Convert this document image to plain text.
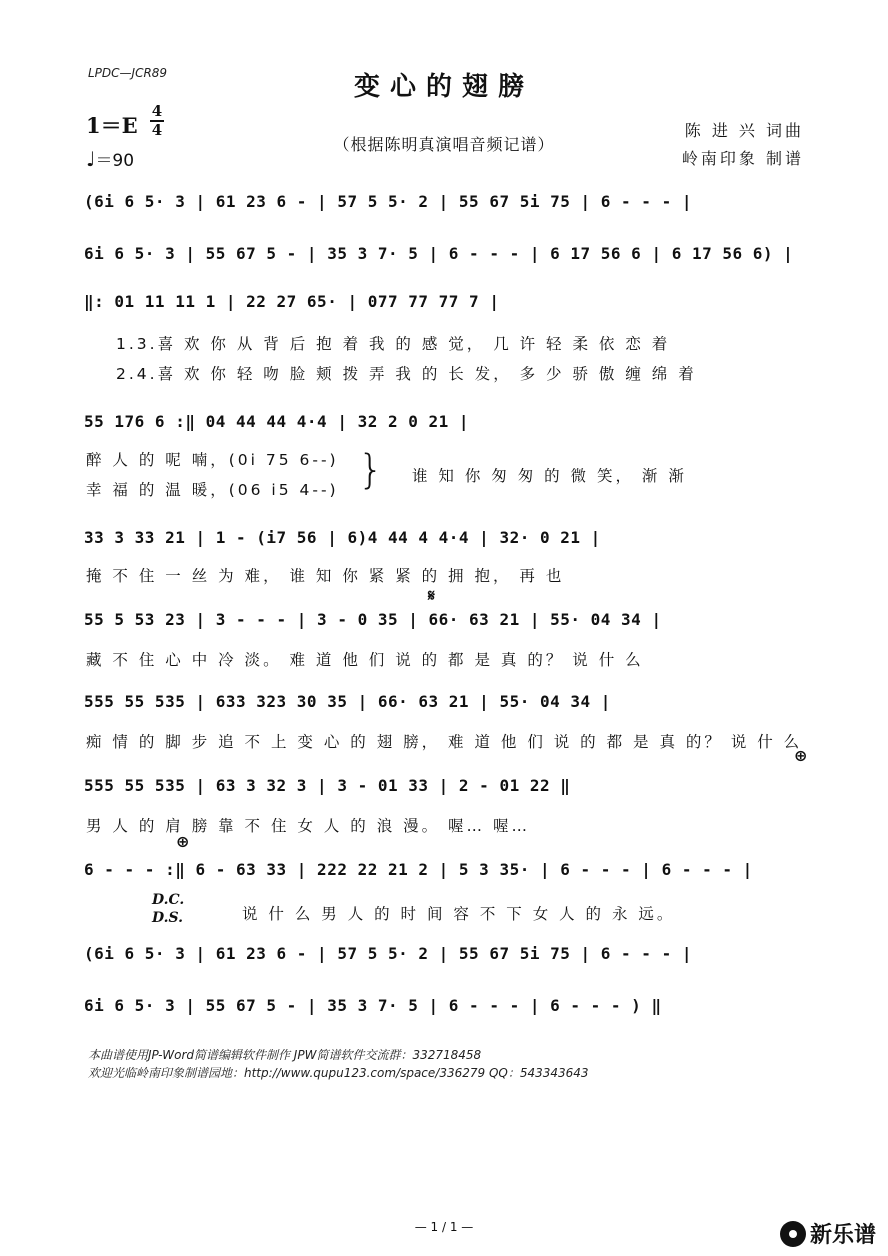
LPDC—JCR89	变心的翅膀
1＝E
4
4
♩＝90
（根据陈明真演唱音频记谱）
陈 进 兴 词曲
岭南印象 制谱
(6i 6 5· 3 | 61 23 6 - | 57 5 5· 2 | 55 67 5i 75 | 6 - - - |
6i 6 5· 3 | 55 67 5 - | 35 3 7· 5 | 6 - - - | 6 17 56 6 | 6 17 56 6) |
‖: 01 11 11 1 | 22 27 65· | 077 77 77 7 |
1.3.喜 欢 你 从 背 后 抱 着 我 的 感 觉， 几 许 轻 柔 依 恋 着
2.4.喜 欢 你 轻 吻 脸 颊 拨 弄 我 的 长 发， 多 少 骄 傲 缠 绵 着
55 176 6 :‖ 04 44 44 4·4 | 32 2 0 21 |
醉 人 的 呢 喃，(0i 75 6--)
幸 福 的 温 暖，(06 i5 4--) } 谁 知 你 匆 匆 的 微 笑， 渐 渐
33 3 33 21 | 1 - (i7 56 | 6)4 44 4 4·4 | 32· 0 21 |
掩 不 住 一 丝 为 难， 谁 知 你 紧 紧 的 拥 抱， 再 也
𝄋
55 5 53 23 | 3 - - - | 3 - 0 35 | 66· 63 21 | 55· 04 34 |
藏 不 住 心 中 冷 淡。 难 道 他 们 说 的 都 是 真 的？ 说 什 么
555 55 535 | 633 323 30 35 | 66· 63 21 | 55· 04 34 |
痴 情 的 脚 步 追 不 上 变 心 的 翅 膀， 难 道 他 们 说 的 都 是 真 的？ 说 什 么
⊕
555 55 535 | 63 3 32 3 | 3 - 01 33 | 2 - 01 22 ‖
男 人 的 肩 膀 靠 不 住 女 人 的 浪 漫。 喔… 喔…
⊕
6 - - - :‖ 6 - 63 33 | 222 22 21 2 | 5 3 35· | 6 - - - | 6 - - - |
D.C.
D.S.	说 什 么 男 人 的 时 间 容 不 下 女 人 的 永 远。
(6i 6 5· 3 | 61 23 6 - | 57 5 5· 2 | 55 67 5i 75 | 6 - - - |
6i 6 5· 3 | 55 67 5 - | 35 3 7· 5 | 6 - - - | 6 - - - ) ‖
本曲谱使用JP-Word简谱编辑软件制作 JPW简谱软件交流群：332718458
欢迎光临岭南印象制谱园地：http://www.qupu123.com/space/336279 QQ：543343643
— 1 / 1 —	新乐谱
